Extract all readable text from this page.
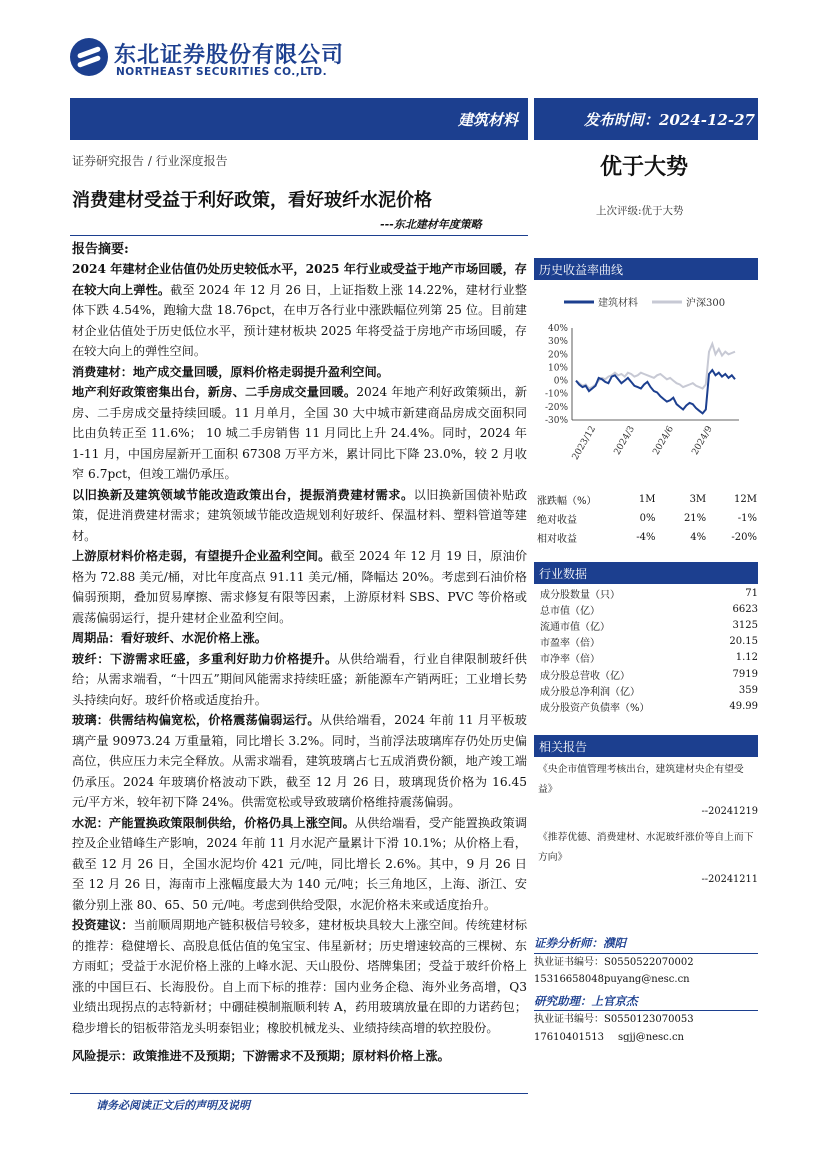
东北证券股份有限公司
NORTHEAST SECURITIES CO.,LTD.
建筑材料	发布时间：2024-12-27
证券研究报告 / 行业深度报告	优于大势
上次评级:优于大势
消费建材受益于利好政策，看好玻纤水泥价格
---东北建材年度策略
报告摘要:
2024 年建材企业估值仍处历史较低水平，2025 年行业或受益于地产市场回暖，存在较大向上弹性。截至 2024 年 12 月 26 日，上证指数上涨 14.22%，建材行业整体下跌 4.54%，跑输大盘 18.76pct，在申万各行业中涨跌幅位列第 25 位。目前建材企业估值处于历史低位水平，预计建材板块 2025 年将受益于房地产市场回暖，存在较大向上的弹性空间。
消费建材：地产成交量回暖，原料价格走弱提升盈利空间。
地产利好政策密集出台，新房、二手房成交量回暖。2024 年地产利好政策频出，新房、二手房成交量持续回暖。11 月单月，全国 30 大中城市新建商品房成交面积同比由负转正至 11.6%； 10 城二手房销售 11 月同比上升 24.4%。同时，2024 年 1-11 月，中国房屋新开工面积 67308 万平方米，累计同比下降 23.0%，较 2 月收窄 6.7pct，但竣工端仍承压。
以旧换新及建筑领域节能改造政策出台，提振消费建材需求。以旧换新国债补贴政策，促进消费建材需求；建筑领域节能改造规划利好玻纤、保温材料、塑料管道等建材。
上游原材料价格走弱，有望提升企业盈利空间。截至 2024 年 12 月 19 日，原油价格为 72.88 美元/桶，对比年度高点 91.11 美元/桶，降幅达 20%。考虑到石油价格偏弱预期，叠加贸易摩擦、需求修复有限等因素，上游原材料 SBS、PVC 等价格或震荡偏弱运行，提升建材企业盈利空间。
周期品：看好玻纤、水泥价格上涨。
玻纤：下游需求旺盛，多重利好助力价格提升。从供给端看，行业自律限制玻纤供给；从需求端看，“十四五”期间风能需求持续旺盛；新能源车产销两旺；工业增长势头持续向好。玻纤价格或适度抬升。
玻璃：供需结构偏宽松，价格震荡偏弱运行。从供给端看，2024 年前 11 月平板玻璃产量 90973.24 万重量箱，同比增长 3.2%。同时，当前浮法玻璃库存仍处历史偏高位，供应压力未完全释放。从需求端看，建筑玻璃占七五成消费份额，地产竣工端仍承压。2024 年玻璃价格波动下跌，截至 12 月 26 日，玻璃现货价格为 16.45 元/平方米，较年初下降 24%。供需宽松或导致玻璃价格维持震荡偏弱。
水泥：产能置换政策限制供给，价格仍具上涨空间。从供给端看，受产能置换政策调控及企业错峰生产影响，2024 年前 11 月水泥产量累计下滑 10.1%；从价格上看，截至 12 月 26 日，全国水泥均价 421 元/吨，同比增长 2.6%。其中，9 月 26 日至 12 月 26 日，海南市上涨幅度最大为 140 元/吨；长三角地区，上海、浙江、安徽分别上涨 80、65、50 元/吨。考虑到供给受限，水泥价格未来或适度抬升。
投资建议：当前顺周期地产链积极信号较多，建材板块具较大上涨空间。传统建材标的推荐：稳健增长、高股息低估值的兔宝宝、伟星新材；历史增速较高的三棵树、东方雨虹；受益于水泥价格上涨的上峰水泥、天山股份、塔牌集团；受益于玻纤价格上涨的中国巨石、长海股份。自上而下标的推荐：国内业务企稳、海外业务高增，Q3 业绩出现拐点的志特新材；中硼硅模制瓶顺利转 A，药用玻璃放量在即的力诺药包；稳步增长的铝板带箔龙头明泰铝业；橡胶机械龙头、业绩持续高增的软控股份。
风险提示：政策推进不及预期；下游需求不及预期；原材料价格上涨。
历史收益率曲线
建筑材料	沪深300
40%
30%
20%
10%
0%
-10%
-20%
-30%
2023/12 2024/3 2024/6 2024/9
涨跌幅（%）	1M	3M	12M
绝对收益	0%	21%	-1%
相对收益	-4%	4%	-20%
行业数据
成分股数量（只）	71
总市值（亿）	6623
流通市值（亿）	3125
市盈率（倍）	20.15
市净率（倍）	1.12
成分股总营收（亿）	7919
成分股总净利润（亿）	359
成分股资产负债率（%）	49.99
相关报告
《央企市值管理考核出台，建筑建材央企有望受益》
--20241219
《推荐优德、消费建材、水泥玻纤涨价等自上而下方向》
--20241211
证券分析师：濮阳
执业证书编号：S0550522070002
15316658048 puyang@nesc.cn
研究助理：上官京杰
执业证书编号：S0550123070053
17610401513 sgjj@nesc.cn
请务必阅读正文后的声明及说明
